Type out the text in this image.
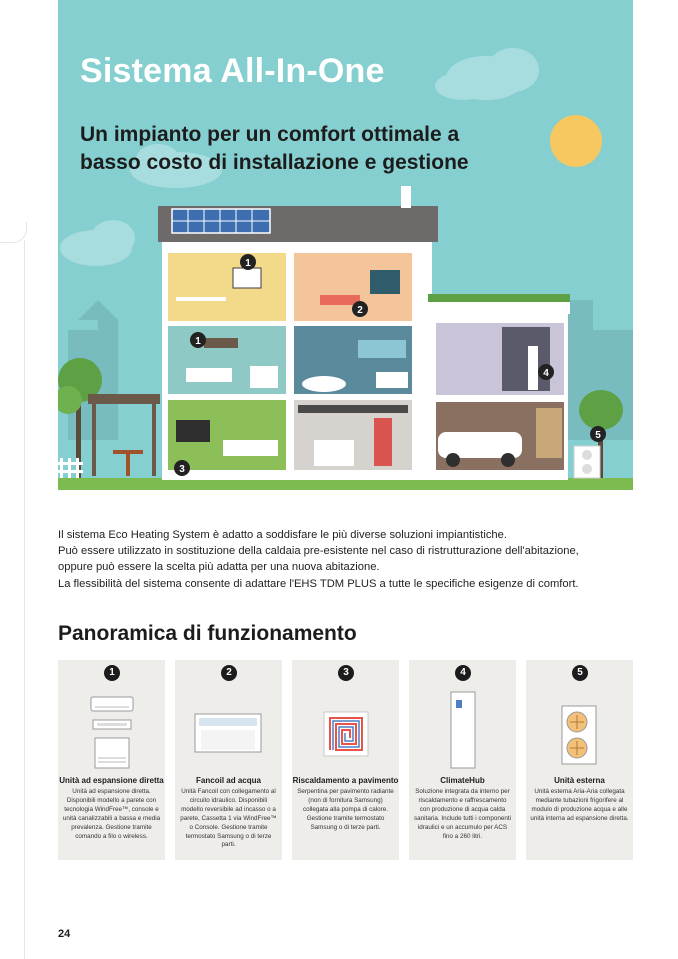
1
2
1
3
4
5
Sistema All-In-One
Un impianto per un comfort ottimale a basso costo di installazione e gestione

Il sistema Eco Heating System è adatto a soddisfare le più diverse soluzioni impiantistiche.

Può essere utilizzato in sostituzione della caldaia pre-esistente nel caso di ristrutturazione dell'abitazione,

oppure può essere la scelta più adatta per una nuova abitazione.

La flessibilità del sistema consente di adattare l'EHS TDM PLUS a tutte le specifiche esigenze di comfort.

Panoramica di funzionamento
1
Unità ad espansione diretta
Unità ad espansione diretta. Disponibili modello a parete con tecnologia WindFree™, console e unità canalizzabili a bassa e media prevalenza. Gestione tramite comando a filo o wireless.
2
Fancoil ad acqua
Unità Fancoil con collegamento al circuito idraulico. Disponibili modello reversibile ad incasso o a parete, Cassetta 1 via WindFree™ o Console. Gestione tramite termostato Samsung o di terze parti.
3
Riscaldamento a pavimento
Serpentina per pavimento radiante (non di fornitura Samsung) collegata alla pompa di calore. Gestione tramite termostato Samsung o di terze parti.
4
ClimateHub
Soluzione integrata da interno per riscaldamento e raffrescamento con produzione di acqua calda sanitaria. Include tutti i componenti idraulici e un accumulo per ACS fino a 260 litri.
5
Unità esterna
Unità esterna Aria-Aria collegata mediante tubazioni frigorifere al modulo di produzione acqua e alle unità interna ad espansione diretta.
24
